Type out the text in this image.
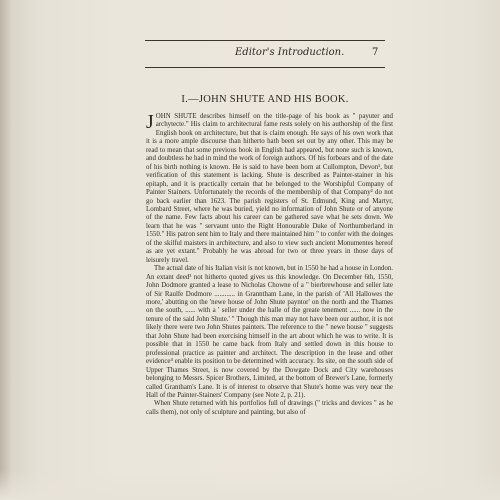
Editor's Introduction.	7
I.—JOHN SHUTE AND HIS BOOK.

JOHN SHUTE describes himself on the title-page of his book as " payuter and archytecte." His claim to architectural fame rests solely on his authorship of the first English book on architecture, but that is claim enough. He says of his own work that it is a more ample discourse than hitherto hath been set out by any other. This may be read to mean that some previous book in English had appeared, but none such is known, and doubtless he had in mind the work of foreign authors. Of his forbears and of the date of his birth nothing is known. He is said to have been born at Cullompton, Devon¹, but verification of this statement is lacking. Shute is described as Painter-stainer in his epitaph, and it is practically certain that he belonged to the Worshipful Company of Painter Stainers. Unfortunately the records of the membership of that Company² do not go back earlier than 1623. The parish registers of St. Edmund, King and Martyr, Lombard Street, where he was buried, yield no information of John Shute or of anyone of the name. Few facts about his career can be gathered save what he sets down. We learn that he was " servaunt unto the Right Honourable Duke of Northumberland in 1550." His patron sent him to Italy and there maintained him " to confer with the doinges of the skilful maisters in architecture, and also to view such ancient Monumentes hereof as are yet extant." Probably he was abroad for two or three years in those days of leisurely travel.

The actual date of his Italian visit is not known, but in 1550 he had a house in London. An extant deed³ not hitherto quoted gives us this knowledge. On December 6th, 1550, John Dodmore granted a lease to Nicholas Chowne of a " bierbrewhouse and seller late of Sir Raulfe Dodmore ............ in Granntham Lane, in the parish of 'All Hallowes the more,' abutting on the 'newe house of John Shute payntor' on the north and the Thames on the south, ...... with a ' seller under the halle of the greate tenement ...... now in the tenure of the said John Shute.' " Though this man may not have been our author, it is not likely there were two John Shutes painters. The reference to the " newe house " suggests that John Shute had been exercising himself in the art about which he was to write. It is possible that in 1550 he came back from Italy and settled down in this house to professional practice as painter and architect. The description in the lease and other evidence⁴ enable its position to be determined with accuracy. Its site, on the south side of Upper Thames Street, is now covered by the Dowgate Dock and City warehouses belonging to Messrs. Spicer Brothers, Limited, at the bottom of Brewer's Lane, formerly called Grantham's Lane. It is of interest to observe that Shute's home was very near the Hall of the Painter-Stainers' Company (see Note 2, p. 21).

When Shute returned with his portfolios full of drawings (" tricks and devices " as he calls them), not only of sculpture and painting, but also of
